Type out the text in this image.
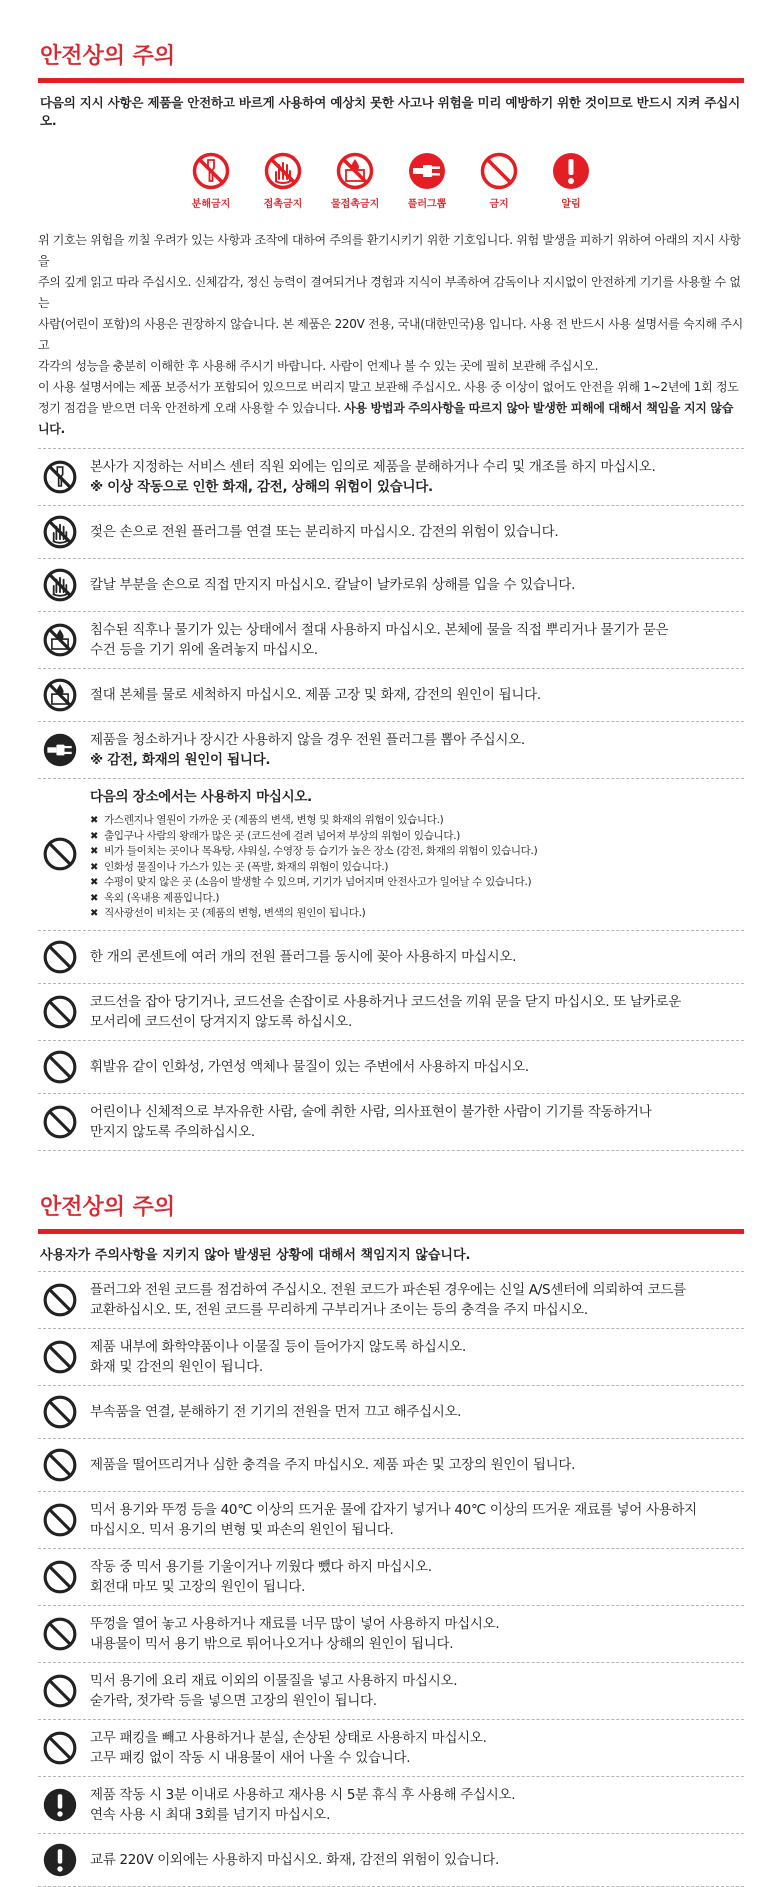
안전상의 주의

다음의 지시 사항은 제품을 안전하고 바르게 사용하여 예상치 못한 사고나 위험을 미리 예방하기 위한 것이므로 반드시 지켜 주십시오.

분해금지	접촉금지	물접촉금지	플러그뽑	금지	알림
위 기호는 위험을 끼칠 우려가 있는 사항과 조작에 대하여 주의를 환기시키기 위한 기호입니다. 위험 발생을 피하기 위하여 아래의 지시 사항을
주의 깊게 읽고 따라 주십시오. 신체감각, 정신 능력이 결여되거나 경험과 지식이 부족하여 감독이나 지시없이 안전하게 기기를 사용할 수 없는
사람(어린이 포함)의 사용은 권장하지 않습니다. 본 제품은 220V 전용, 국내(대한민국)용 입니다. 사용 전 반드시 사용 설명서를 숙지해 주시고
각각의 성능을 충분히 이해한 후 사용해 주시기 바랍니다. 사람이 언제나 볼 수 있는 곳에 필히 보관해 주십시오.
이 사용 설명서에는 제품 보증서가 포함되어 있으므로 버리지 말고 보관해 주십시오. 사용 중 이상이 없어도 안전을 위해 1~2년에 1회 정도
정기 점검을 받으면 더욱 안전하게 오래 사용할 수 있습니다. 사용 방법과 주의사항을 따르지 않아 발생한 피해에 대해서 책임을 지지 않습니다.
본사가 지정하는 서비스 센터 직원 외에는 임의로 제품을 분해하거나 수리 및 개조를 하지 마십시오.
※ 이상 작동으로 인한 화재, 감전, 상해의 위험이 있습니다.
젖은 손으로 전원 플러그를 연결 또는 분리하지 마십시오. 감전의 위험이 있습니다.
칼날 부분을 손으로 직접 만지지 마십시오. 칼날이 날카로워 상해를 입을 수 있습니다.
침수된 직후나 물기가 있는 상태에서 절대 사용하지 마십시오. 본체에 물을 직접 뿌리거나 물기가 묻은
수건 등을 기기 위에 올려놓지 마십시오.
절대 본체를 물로 세척하지 마십시오. 제품 고장 및 화재, 감전의 원인이 됩니다.
제품을 청소하거나 장시간 사용하지 않을 경우 전원 플러그를 뽑아 주십시오.
※ 감전, 화재의 원인이 됩니다.
다음의 장소에서는 사용하지 마십시오.
✖ 가스렌지나 열원이 가까운 곳 (제품의 변색, 변형 및 화재의 위험이 있습니다.)
✖ 출입구나 사람의 왕래가 많은 곳 (코드선에 걸려 넘어져 부상의 위험이 있습니다.)
✖ 비가 들이치는 곳이나 목욕탕, 샤워실, 수영장 등 습기가 높은 장소 (감전, 화재의 위험이 있습니다.)
✖ 인화성 물질이나 가스가 있는 곳 (폭발, 화재의 위험이 있습니다.)
✖ 수평이 맞지 않은 곳 (소음이 발생할 수 있으며, 기기가 넘어지며 안전사고가 일어날 수 있습니다.)
✖ 옥외 (옥내용 제품입니다.)
✖ 직사광선이 비치는 곳 (제품의 변형, 변색의 원인이 됩니다.)
한 개의 콘센트에 여러 개의 전원 플러그를 동시에 꽂아 사용하지 마십시오.
코드선을 잡아 당기거나, 코드선을 손잡이로 사용하거나 코드선을 끼워 문을 닫지 마십시오. 또 날카로운
모서리에 코드선이 당겨지지 않도록 하십시오.
휘발유 같이 인화성, 가연성 액체나 물질이 있는 주변에서 사용하지 마십시오.
어린이나 신체적으로 부자유한 사람, 술에 취한 사람, 의사표현이 불가한 사람이 기기를 작동하거나
만지지 않도록 주의하십시오.
안전상의 주의

사용자가 주의사항을 지키지 않아 발생된 상황에 대해서 책임지지 않습니다.

플러그와 전원 코드를 점검하여 주십시오. 전원 코드가 파손된 경우에는 신일 A/S센터에 의뢰하여 코드를
교환하십시오. 또, 전원 코드를 무리하게 구부리거나 조이는 등의 충격을 주지 마십시오.
제품 내부에 화학약품이나 이물질 등이 들어가지 않도록 하십시오.
화재 및 감전의 원인이 됩니다.
부속품을 연결, 분해하기 전 기기의 전원을 먼저 끄고 해주십시오.
제품을 떨어뜨리거나 심한 충격을 주지 마십시오. 제품 파손 및 고장의 원인이 됩니다.
믹서 용기와 뚜껑 등을 40℃ 이상의 뜨거운 물에 갑자기 넣거나 40℃ 이상의 뜨거운 재료를 넣어 사용하지
마십시오. 믹서 용기의 변형 및 파손의 원인이 됩니다.
작동 중 믹서 용기를 기울이거나 끼웠다 뺐다 하지 마십시오.
회전대 마모 및 고장의 원인이 됩니다.
뚜껑을 열어 놓고 사용하거나 재료를 너무 많이 넣어 사용하지 마십시오.
내용물이 믹서 용기 밖으로 튀어나오거나 상해의 원인이 됩니다.
믹서 용기에 요리 재료 이외의 이물질을 넣고 사용하지 마십시오.
숟가락, 젓가락 등을 넣으면 고장의 원인이 됩니다.
고무 패킹을 빼고 사용하거나 분실, 손상된 상태로 사용하지 마십시오.
고무 패킹 없이 작동 시 내용물이 새어 나올 수 있습니다.
제품 작동 시 3분 이내로 사용하고 재사용 시 5분 휴식 후 사용해 주십시오.
연속 사용 시 최대 3회를 넘기지 마십시오.
교류 220V 이외에는 사용하지 마십시오. 화재, 감전의 위험이 있습니다.
